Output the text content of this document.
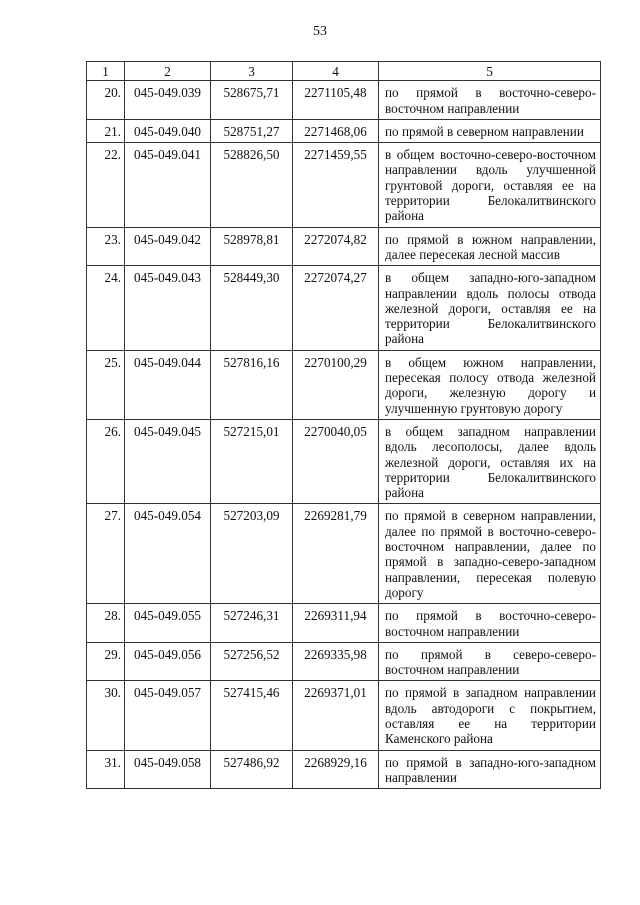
53
1	2	3	4	5
20.	045-049.039	528675,71	2271105,48	по прямой в восточно-северо-восточном направлении
21.	045-049.040	528751,27	2271468,06	по прямой в северном направлении
22.	045-049.041	528826,50	2271459,55	в общем восточно-северо-восточном направлении вдоль улучшенной грунтовой дороги, оставляя ее на территории Белокалитвинского района
23.	045-049.042	528978,81	2272074,82	по прямой в южном направлении, далее пересекая лесной массив
24.	045-049.043	528449,30	2272074,27	в общем западно-юго-западном направлении вдоль полосы отвода железной дороги, оставляя ее на территории Белокалитвинского района
25.	045-049.044	527816,16	2270100,29	в общем южном направлении, пересекая полосу отвода железной дороги, железную дорогу и улучшенную грунтовую дорогу
26.	045-049.045	527215,01	2270040,05	в общем западном направлении вдоль лесополосы, далее вдоль железной дороги, оставляя их на территории Белокалитвинского района
27.	045-049.054	527203,09	2269281,79	по прямой в северном направлении, далее по прямой в восточно-северо-восточном направлении, далее по прямой в западно-северо-западном направлении, пересекая полевую дорогу
28.	045-049.055	527246,31	2269311,94	по прямой в восточно-северо-восточном направлении
29.	045-049.056	527256,52	2269335,98	по прямой в северо-северо-восточном направлении
30.	045-049.057	527415,46	2269371,01	по прямой в западном направлении вдоль автодороги с покрытием, оставляя ее на территории Каменского района
31.	045-049.058	527486,92	2268929,16	по прямой в западно-юго-западном направлении
